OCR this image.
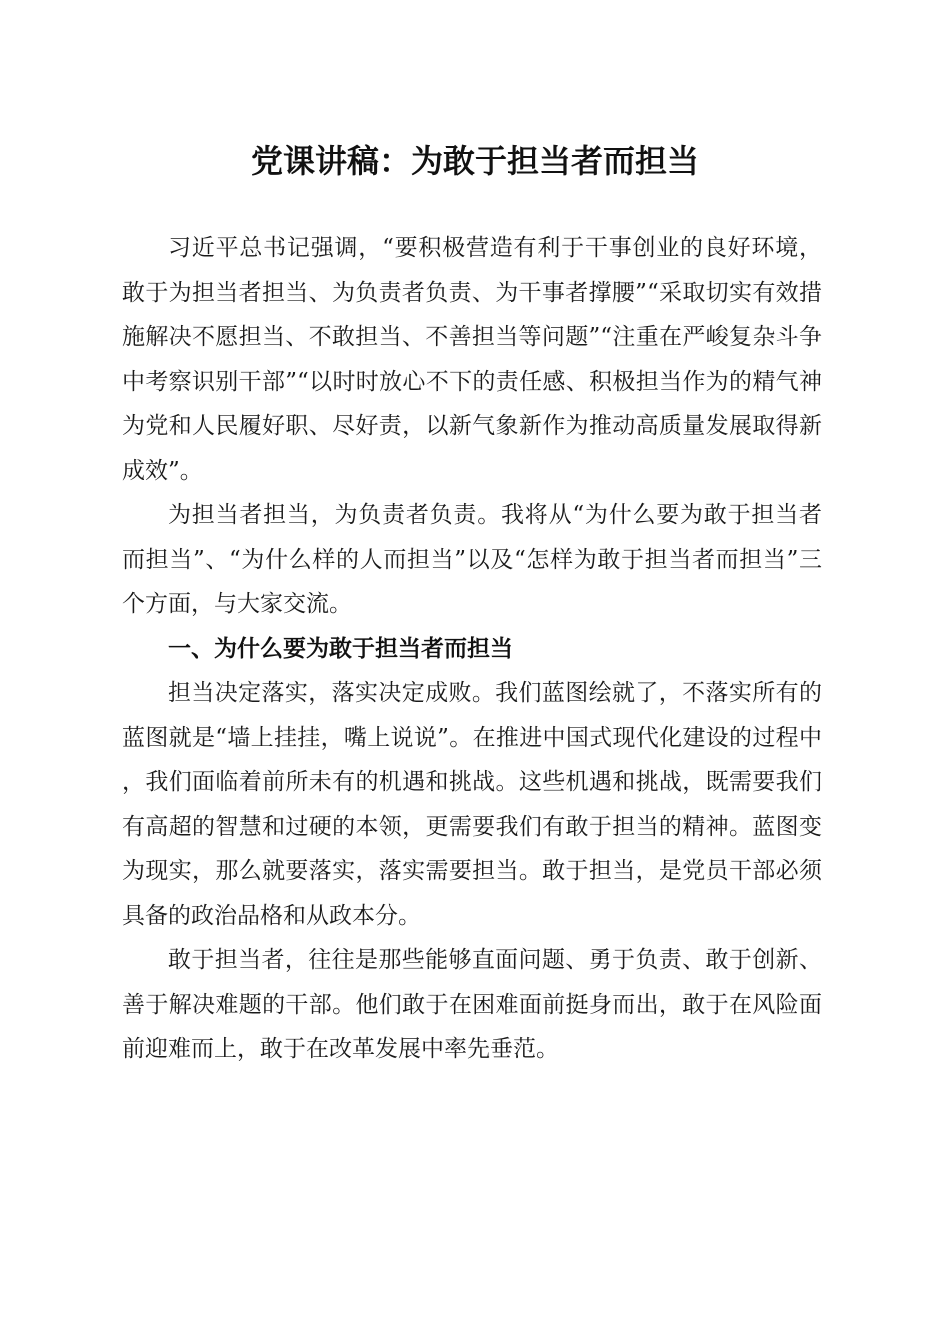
党课讲稿：为敢于担当者而担当

习近平总书记强调，“要积极营造有利于干事创业的良好环境，敢于为担当者担当、为负责者负责、为干事者撑腰”“采取切实有效措施解决不愿担当、不敢担当、不善担当等问题”“注重在严峻复杂斗争中考察识别干部”“以时时放心不下的责任感、积极担当作为的精气神为党和人民履好职、尽好责，以新气象新作为推动高质量发展取得新成效”。

为担当者担当，为负责者负责。我将从“为什么要为敢于担当者而担当”、“为什么样的人而担当”以及“怎样为敢于担当者而担当”三个方面，与大家交流。

一、为什么要为敢于担当者而担当

担当决定落实，落实决定成败。我们蓝图绘就了，不落实所有的蓝图就是“墙上挂挂，嘴上说说”。在推进中国式现代化建设的过程中，我们面临着前所未有的机遇和挑战。这些机遇和挑战，既需要我们有高超的智慧和过硬的本领，更需要我们有敢于担当的精神。蓝图变为现实，那么就要落实，落实需要担当。敢于担当，是党员干部必须具备的政治品格和从政本分。

敢于担当者，往往是那些能够直面问题、勇于负责、敢于创新、善于解决难题的干部。他们敢于在困难面前挺身而出，敢于在风险面前迎难而上，敢于在改革发展中率先垂范。
